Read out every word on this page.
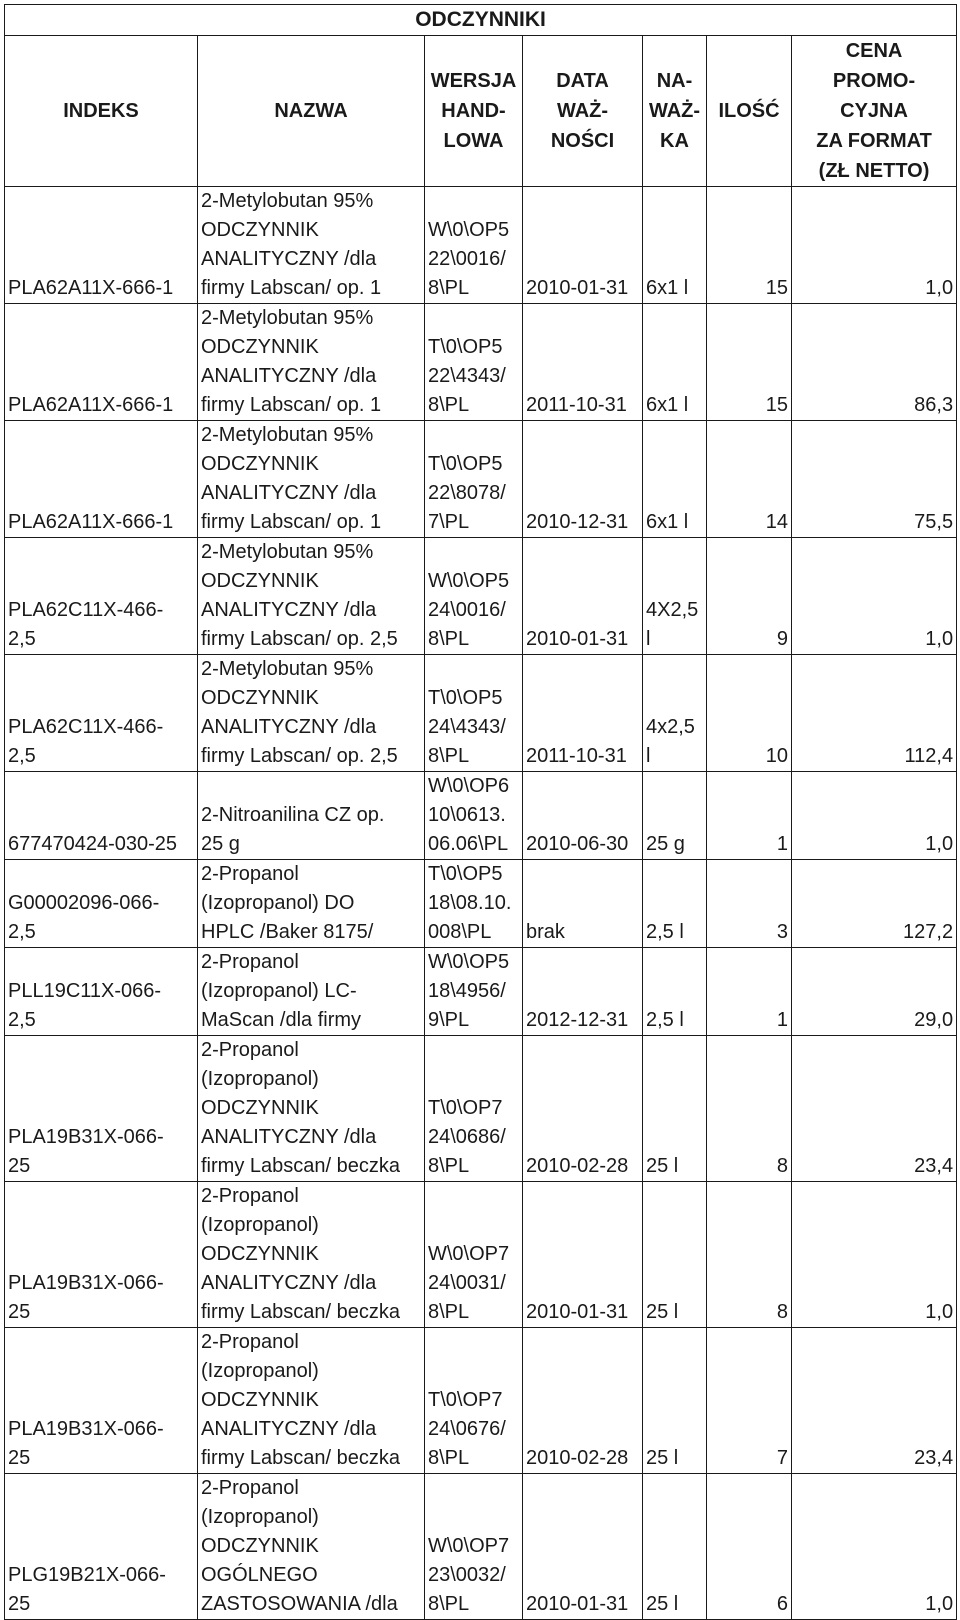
ODCZYNNIKI						
INDEKS	NAZWA	WERSJA
HAND-
LOWA	DATA
WAŻ-
NOŚCI	NA-
WAŻ-
KA	ILOŚĆ	CENA
PROMO-
CYJNA
ZA FORMAT
(ZŁ NETTO)
PLA62A11X-666-1	2-Metylobutan 95%
ODCZYNNIK
ANALITYCZNY /dla
firmy Labscan/ op. 1	W\0\OP5
22\0016/
8\PL	2010-01-31	6x1 l	15	1,0
PLA62A11X-666-1	2-Metylobutan 95%
ODCZYNNIK
ANALITYCZNY /dla
firmy Labscan/ op. 1	T\0\OP5
22\4343/
8\PL	2011-10-31	6x1 l	15	86,3
PLA62A11X-666-1	2-Metylobutan 95%
ODCZYNNIK
ANALITYCZNY /dla
firmy Labscan/ op. 1	T\0\OP5
22\8078/
7\PL	2010-12-31	6x1 l	14	75,5
PLA62C11X-466-
2,5	2-Metylobutan 95%
ODCZYNNIK
ANALITYCZNY /dla
firmy Labscan/ op. 2,5	W\0\OP5
24\0016/
8\PL	2010-01-31	4X2,5
l	9	1,0
PLA62C11X-466-
2,5	2-Metylobutan 95%
ODCZYNNIK
ANALITYCZNY /dla
firmy Labscan/ op. 2,5	T\0\OP5
24\4343/
8\PL	2011-10-31	4x2,5
l	10	112,4
677470424-030-25	2-Nitroanilina CZ op.
25 g	W\0\OP6
10\0613.
06.06\PL	2010-06-30	25 g	1	1,0
G00002096-066-
2,5	2-Propanol
(Izopropanol) DO
HPLC /Baker 8175/	T\0\OP5
18\08.10.
008\PL	brak	2,5 l	3	127,2
PLL19C11X-066-
2,5	2-Propanol
(Izopropanol) LC-
MaScan /dla firmy	W\0\OP5
18\4956/
9\PL	2012-12-31	2,5 l	1	29,0
PLA19B31X-066-
25	2-Propanol
(Izopropanol)
ODCZYNNIK
ANALITYCZNY /dla
firmy Labscan/ beczka	T\0\OP7
24\0686/
8\PL	2010-02-28	25 l	8	23,4
PLA19B31X-066-
25	2-Propanol
(Izopropanol)
ODCZYNNIK
ANALITYCZNY /dla
firmy Labscan/ beczka	W\0\OP7
24\0031/
8\PL	2010-01-31	25 l	8	1,0
PLA19B31X-066-
25	2-Propanol
(Izopropanol)
ODCZYNNIK
ANALITYCZNY /dla
firmy Labscan/ beczka	T\0\OP7
24\0676/
8\PL	2010-02-28	25 l	7	23,4
PLG19B21X-066-
25	2-Propanol
(Izopropanol)
ODCZYNNIK
OGÓLNEGO
ZASTOSOWANIA /dla	W\0\OP7
23\0032/
8\PL	2010-01-31	25 l	6	1,0
